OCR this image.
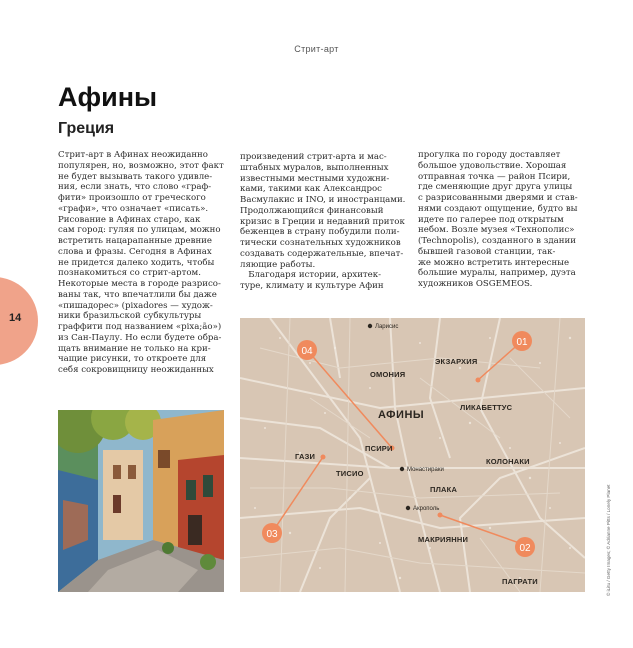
Стрит-арт
Афины
Греция
14

Стрит-арт в Афинах неожиданно

популярен, но, возможно, этот факт

не будет вызывать такого удивле-

ния, если знать, что слово «граф-

фити» произошло от греческого

«графи», что означает «писать».

Рисование в Афинах старо, как

сам город: гуляя по улицам, можно

встретить нацарапанные древние

слова и фразы. Сегодня в Афинах

не придется далеко ходить, чтобы

познакомиться со стрит-артом.

Некоторые места в городе разрисо-

ваны так, что впечатлили бы даже

«пишадорес» (pixadores — худож-

ники бразильской субкультуры

граффити под названием «pixa;ão»)

из Сан-Паулу. Но если будете обра-

щать внимание не только на кри-

чащие рисунки, то откроете для

себя сокровищницу неожиданных

произведений стрит-арта и мас-

штабных муралов, выполненных

известными местными художни-

ками, такими как Александрос

Васмулакис и INO, и иностранцами.

Продолжающийся финансовый

кризис в Греции и недавний приток

беженцев в страну побудили поли-

тически сознательных художников

создавать содержательные, впечат-

ляющие работы.

Благодаря истории, архитек-

туре, климату и культуре Афин

прогулка по городу доставляет

большое удовольствие. Хорошая

отправная точка — район Псири,

где сменяющие друг друга улицы

с разрисованными дверями и став-

нями создают ощущение, будто вы

идете по галерее под открытым

небом. Возле музея «Технополис»

(Technopolis), созданного в здании

бывшей газовой станции, так-

же можно встретить интересные

большие муралы, например, дуэта

художников OSGEMEOS.

Ларисис
Монастираки
Акрополь
АФИНЫ
ОМОНИЯ
ЭКЗАРХИЯ
ЛИКАБЕТТУС
ПСИРИ
ГАЗИ
ТИСИО
КОЛОНАКИ
ПЛАКА
МАКРИЯННИ
ПАГРАТИ
01
02
03
04
© iLitu / Getty Images; © Adrianne Pitts / Lonely Planet
